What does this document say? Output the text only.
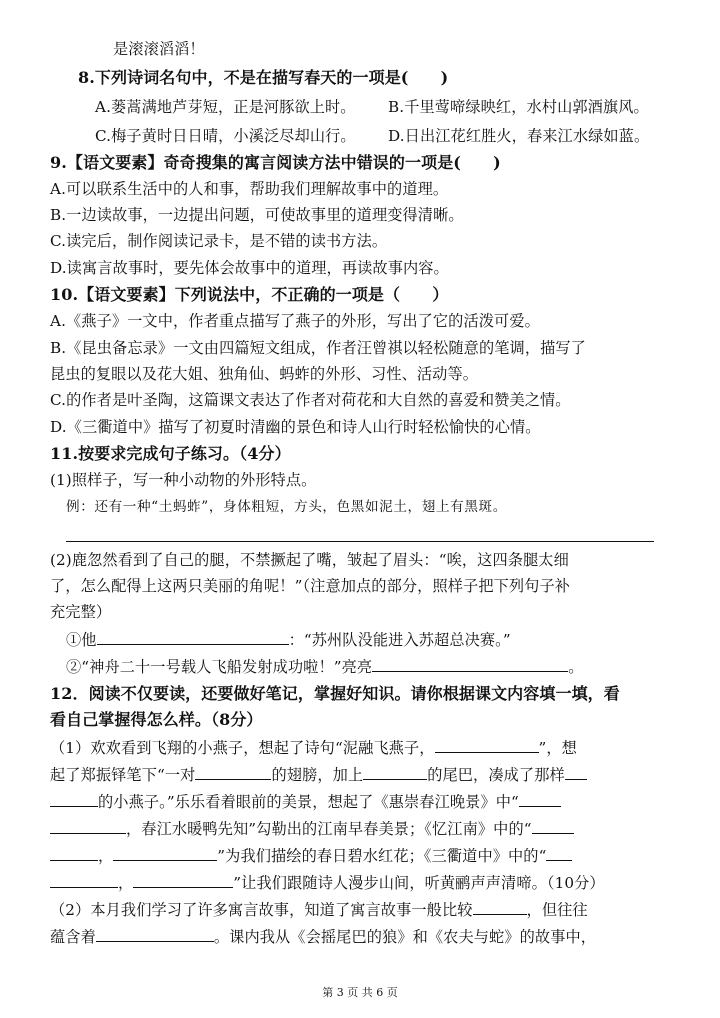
是滚滚滔滔！
8.下列诗词名句中，不是在描写春天的一项是(　　)
A.蒌蒿满地芦芽短，正是河豚欲上时。 B.千里莺啼绿映红，水村山郭酒旗风。
C.梅子黄时日日晴，小溪泛尽却山行。 D.日出江花红胜火，春来江水绿如蓝。
9.【语文要素】奇奇搜集的寓言阅读方法中错误的一项是(　　)
A.可以联系生活中的人和事，帮助我们理解故事中的道理。
B.一边读故事，一边提出问题，可使故事里的道理变得清晰。
C.读完后，制作阅读记录卡，是不错的读书方法。
D.读寓言故事时，要先体会故事中的道理，再读故事内容。
10.【语文要素】下列说法中，不正确的一项是（　　）
A.《燕子》一文中，作者重点描写了燕子的外形，写出了它的活泼可爱。
B.《昆虫备忘录》一文由四篇短文组成，作者汪曾祺以轻松随意的笔调，描写了
昆虫的复眼以及花大姐、独角仙、蚂蚱的外形、习性、活动等。
C.的作者是叶圣陶，这篇课文表达了作者对荷花和大自然的喜爱和赞美之情。
D.《三衢道中》描写了初夏时清幽的景色和诗人山行时轻松愉快的心情。
11.按要求完成句子练习。（4分）
(1)照样子，写一种小动物的外形特点。
例：还有一种“土蚂蚱”，身体粗短，方头，色黑如泥土，翅上有黑斑。
(2)鹿忽然看到了自己的腿，不禁撅起了嘴，皱起了眉头：“唉，这四条腿太细
了，怎么配得上这两只美丽的角呢！”（注意加点的部分，照样子把下列句子补
充完整）
①他	：“苏州队没能进入苏超总决赛。”
②“神舟二十一号载人飞船发射成功啦！”亮亮	。
12．阅读不仅要读，还要做好笔记，掌握好知识。请你根据课文内容填一填，看
看自己掌握得怎么样。（8分）
（1）欢欢看到飞翔的小燕子，想起了诗句“泥融飞燕子，	”，想
起了郑振铎笔下“一对	的翅膀，加上	的尾巴，凑成了那样
的小燕子。”乐乐看着眼前的美景，想起了《惠崇春江晚景》中“
，春江水暖鸭先知”勾勒出的江南早春美景；《忆江南》中的“
，	”为我们描绘的春日碧水红花；《三衢道中》中的“
，	”让我们跟随诗人漫步山间，听黄鹂声声清啼。（10分）
（2）本月我们学习了许多寓言故事，知道了寓言故事一般比较	，但往往
蕴含着	。课内我从《会摇尾巴的狼》和《农夫与蛇》的故事中，
第 3 页 共 6 页
